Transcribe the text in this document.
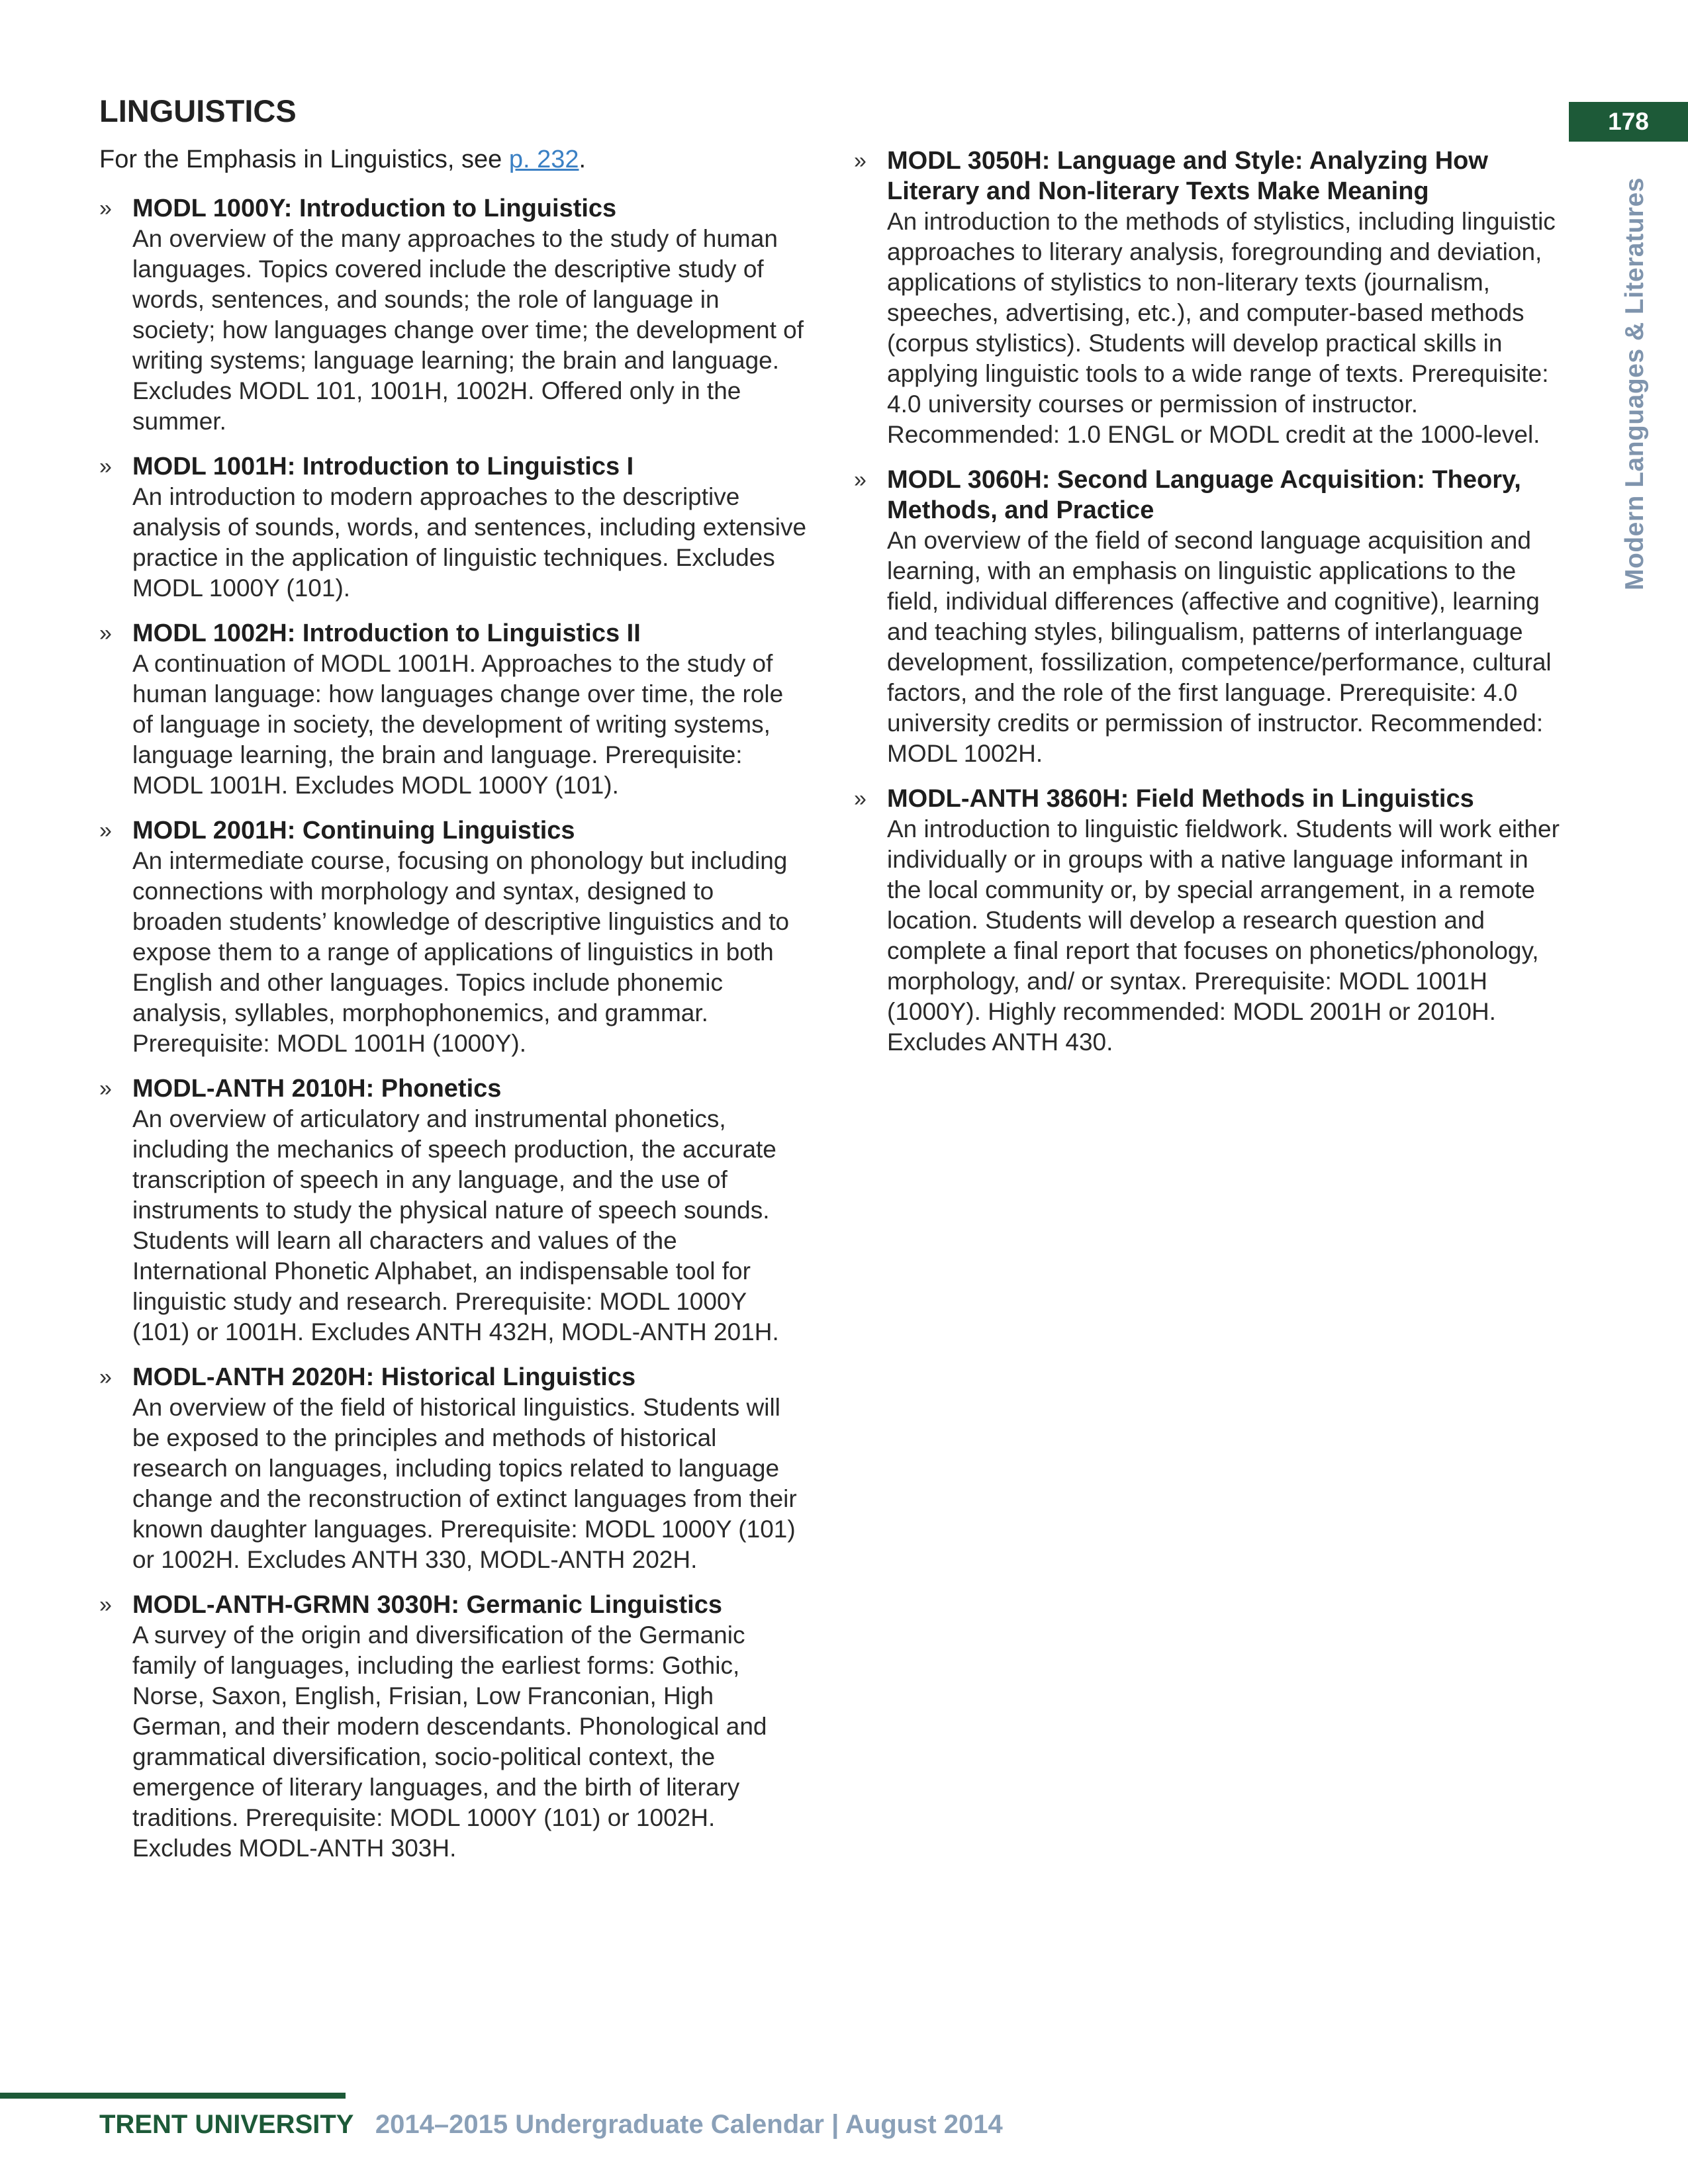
178
Modern Languages & Literatures
LINGUISTICS
For the Emphasis in Linguistics, see p. 232.
» MODL 1000Y: Introduction to Linguistics
An overview of the many approaches to the study of human languages. Topics covered include the descriptive study of words, sentences, and sounds; the role of language in society; how languages change over time; the development of writing systems; language learning; the brain and language. Excludes MODL 101, 1001H, 1002H. Offered only in the summer.
» MODL 1001H: Introduction to Linguistics I
An introduction to modern approaches to the descriptive analysis of sounds, words, and sentences, including extensive practice in the application of linguistic techniques. Excludes MODL 1000Y (101).
» MODL 1002H: Introduction to Linguistics II
A continuation of MODL 1001H. Approaches to the study of human language: how languages change over time, the role of language in society, the development of writing systems, language learning, the brain and language. Prerequisite: MODL 1001H. Excludes MODL 1000Y (101).
» MODL 2001H: Continuing Linguistics
An intermediate course, focusing on phonology but including connections with morphology and syntax, designed to broaden students’ knowledge of descriptive linguistics and to expose them to a range of applications of linguistics in both English and other languages. Topics include phonemic analysis, syllables, morphophonemics, and grammar. Prerequisite: MODL 1001H (1000Y).
» MODL-ANTH 2010H: Phonetics
An overview of articulatory and instrumental phonetics, including the mechanics of speech production, the accurate transcription of speech in any language, and the use of instruments to study the physical nature of speech sounds. Students will learn all characters and values of the International Phonetic Alphabet, an indispensable tool for linguistic study and research. Prerequisite: MODL 1000Y (101) or 1001H. Excludes ANTH 432H, MODL-ANTH 201H.
» MODL-ANTH 2020H: Historical Linguistics
An overview of the field of historical linguistics. Students will be exposed to the principles and methods of historical research on languages, including topics related to language change and the reconstruction of extinct languages from their known daughter languages. Prerequisite: MODL 1000Y (101) or 1002H. Excludes ANTH 330, MODL-ANTH 202H.
» MODL-ANTH-GRMN 3030H: Germanic Linguistics
A survey of the origin and diversification of the Germanic family of languages, including the earliest forms: Gothic, Norse, Saxon, English, Frisian, Low Franconian, High German, and their modern descendants. Phonological and grammatical diversification, socio-political context, the emergence of literary languages, and the birth of literary traditions. Prerequisite: MODL 1000Y (101) or 1002H. Excludes MODL-ANTH 303H.
» MODL 3050H: Language and Style: Analyzing How Literary and Non-literary Texts Make Meaning
An introduction to the methods of stylistics, including linguistic approaches to literary analysis, foregrounding and deviation, applications of stylistics to non-literary texts (journalism, speeches, advertising, etc.), and computer-based methods (corpus stylistics). Students will develop practical skills in applying linguistic tools to a wide range of texts. Prerequisite: 4.0 university courses or permission of instructor. Recommended: 1.0 ENGL or MODL credit at the 1000-level.
» MODL 3060H: Second Language Acquisition: Theory, Methods, and Practice
An overview of the field of second language acquisition and learning, with an emphasis on linguistic applications to the field, individual differences (affective and cognitive), learning and teaching styles, bilingualism, patterns of interlanguage development, fossilization, competence/performance, cultural factors, and the role of the first language. Prerequisite: 4.0 university credits or permission of instructor. Recommended: MODL 1002H.
» MODL-ANTH 3860H: Field Methods in Linguistics
An introduction to linguistic fieldwork. Students will work either individually or in groups with a native language informant in the local community or, by special arrangement, in a remote location. Students will develop a research question and complete a final report that focuses on phonetics/phonology, morphology, and/ or syntax. Prerequisite: MODL 1001H (1000Y). Highly recommended: MODL 2001H or 2010H. Excludes ANTH 430.
TRENT UNIVERSITY 2014–2015 Undergraduate Calendar | August 2014
